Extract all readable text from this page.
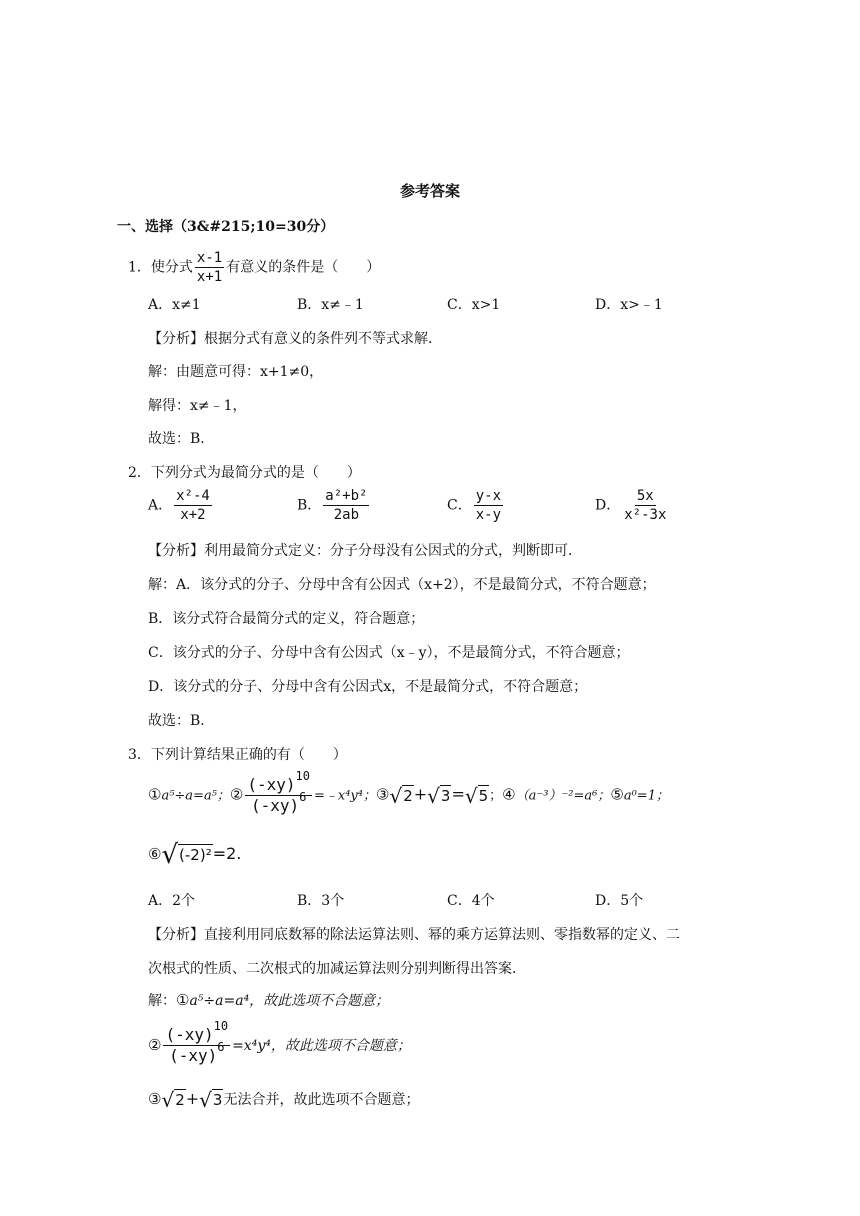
参考答案
一、选择（3&#215;10=30分）
1．使分式 $\frac{x-1}{x+1}$ 有意义的条件是（　　）
A．x≠1	B．x≠﹣1	C．x>1	D．x>﹣1
【分析】根据分式有意义的条件列不等式求解．
解：由题意可得：x+1≠0，
解得：x≠﹣1，
故选：B．
2．下列分式为最简分式的是（　　）
A． $\frac{\text{x²-4}}{x+2}$	B． $\frac{\text{a²+b²}}{2ab}$	C． $\frac{y-x}{x-y}$	D． $\frac{5x}{\text{x²-3x}}$
【分析】利用最简分式定义：分子分母没有公因式的分式，判断即可．
解：A．该分式的分子、分母中含有公因式（x+2），不是最简分式，不符合题意；
B．该分式符合最简分式的定义，符合题意；
C．该分式的分子、分母中含有公因式（x﹣y），不是最简分式，不符合题意；
D．该分式的分子、分母中含有公因式x，不是最简分式，不符合题意；
故选：B．
3．下列计算结果正确的有（　　）
①a⁵÷a=a⁵；② $\frac{(-xy)^{10}}{(-xy)^6}$ =﹣x⁴y⁴；③√2+√3=√5；④（a⁻³）⁻²=a⁶；⑤a⁰=1；
⑥√(-2)²=2.
A．2个	B．3个	C．4个	D．5个
【分析】直接利用同底数幂的除法运算法则、幂的乘方运算法则、零指数幂的定义、二
次根式的性质、二次根式的加减运算法则分别判断得出答案．
解：①a⁵÷a=a⁴，故此选项不合题意；
② $\frac{(-xy)^{10}}{(-xy)^6} =x^4y^4$，故此选项不合题意；
③√2+√3无法合并，故此选项不合题意；
